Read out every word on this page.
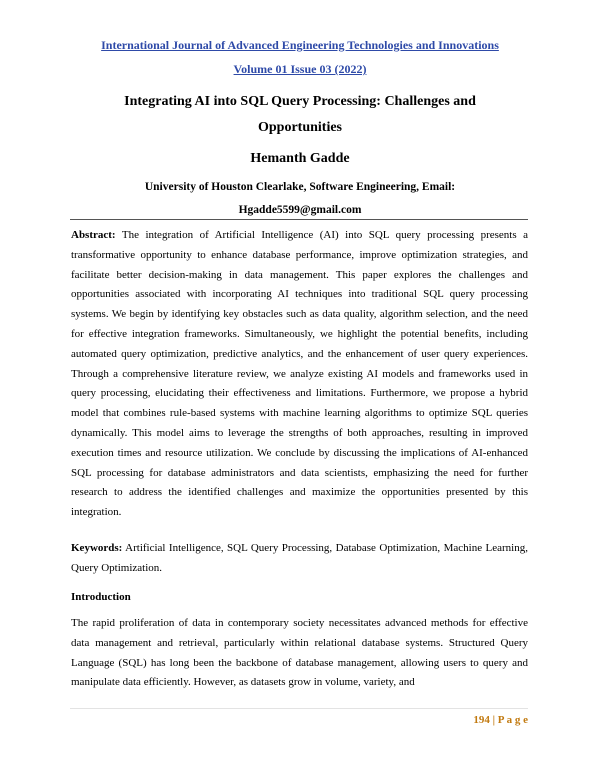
International Journal of Advanced Engineering Technologies and Innovations
Volume 01 Issue 03 (2022)
Integrating AI into SQL Query Processing: Challenges and Opportunities
Hemanth Gadde
University of Houston Clearlake, Software Engineering, Email: Hgadde5599@gmail.com
Abstract: The integration of Artificial Intelligence (AI) into SQL query processing presents a transformative opportunity to enhance database performance, improve optimization strategies, and facilitate better decision-making in data management. This paper explores the challenges and opportunities associated with incorporating AI techniques into traditional SQL query processing systems. We begin by identifying key obstacles such as data quality, algorithm selection, and the need for effective integration frameworks. Simultaneously, we highlight the potential benefits, including automated query optimization, predictive analytics, and the enhancement of user query experiences. Through a comprehensive literature review, we analyze existing AI models and frameworks used in query processing, elucidating their effectiveness and limitations. Furthermore, we propose a hybrid model that combines rule-based systems with machine learning algorithms to optimize SQL queries dynamically. This model aims to leverage the strengths of both approaches, resulting in improved execution times and resource utilization. We conclude by discussing the implications of AI-enhanced SQL processing for database administrators and data scientists, emphasizing the need for further research to address the identified challenges and maximize the opportunities presented by this integration.
Keywords: Artificial Intelligence, SQL Query Processing, Database Optimization, Machine Learning, Query Optimization.
Introduction
The rapid proliferation of data in contemporary society necessitates advanced methods for effective data management and retrieval, particularly within relational database systems. Structured Query Language (SQL) has long been the backbone of database management, allowing users to query and manipulate data efficiently. However, as datasets grow in volume, variety, and
194 | P a g e
